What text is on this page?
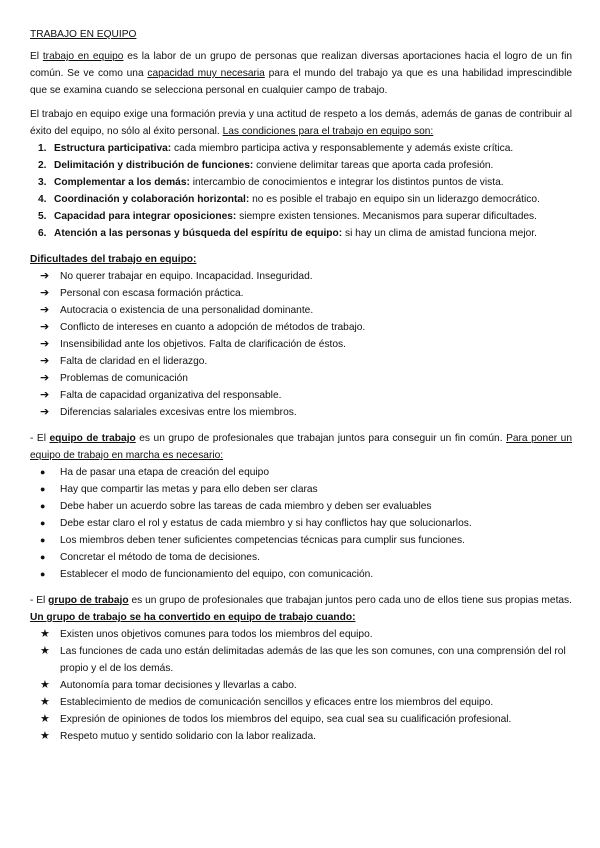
TRABAJO EN EQUIPO

El trabajo en equipo es la labor de un grupo de personas que realizan diversas aportaciones hacia el logro de un fin común. Se ve como una capacidad muy necesaria para el mundo del trabajo ya que es una habilidad imprescindible que se examina cuando se selecciona personal en cualquier campo de trabajo.

El trabajo en equipo exige una formación previa y una actitud de respeto a los demás, además de ganas de contribuir al éxito del equipo, no sólo al éxito personal. Las condiciones para el trabajo en equipo son:

1. Estructura participativa: cada miembro participa activa y responsablemente y además existe crítica.
2. Delimitación y distribución de funciones: conviene delimitar tareas que aporta cada profesión.
3. Complementar a los demás: intercambio de conocimientos e integrar los distintos puntos de vista.
4. Coordinación y colaboración horizontal: no es posible el trabajo en equipo sin un liderazgo democrático.
5. Capacidad para integrar oposiciones: siempre existen tensiones. Mecanismos para superar dificultades.
6. Atención a las personas y búsqueda del espíritu de equipo: si hay un clima de amistad funciona mejor.

Dificultades del trabajo en equipo:

➔ No querer trabajar en equipo. Incapacidad. Inseguridad.
➔ Personal con escasa formación práctica.
➔ Autocracia o existencia de una personalidad dominante.
➔ Conflicto de intereses en cuanto a adopción de métodos de trabajo.
➔ Insensibilidad ante los objetivos. Falta de clarificación de éstos.
➔ Falta de claridad en el liderazgo.
➔ Problemas de comunicación
➔ Falta de capacidad organizativa del responsable.
➔ Diferencias salariales excesivas entre los miembros.

- El equipo de trabajo es un grupo de profesionales que trabajan juntos para conseguir un fin común. Para poner un equipo de trabajo en marcha es necesario:

● Ha de pasar una etapa de creación del equipo
● Hay que compartir las metas y para ello deben ser claras
● Debe haber un acuerdo sobre las tareas de cada miembro y deben ser evaluables
● Debe estar claro el rol y estatus de cada miembro y si hay conflictos hay que solucionarlos.
● Los miembros deben tener suficientes competencias técnicas para cumplir sus funciones.
● Concretar el método de toma de decisiones.
● Establecer el modo de funcionamiento del equipo, con comunicación.

- El grupo de trabajo es un grupo de profesionales que trabajan juntos pero cada uno de ellos tiene sus propias metas. Un grupo de trabajo se ha convertido en equipo de trabajo cuando:

★ Existen unos objetivos comunes para todos los miembros del equipo.
★ Las funciones de cada uno están delimitadas además de las que les son comunes, con una comprensión del rol propio y el de los demás.
★ Autonomía para tomar decisiones y llevarlas a cabo.
★ Establecimiento de medios de comunicación sencillos y eficaces entre los miembros del equipo.
★ Expresión de opiniones de todos los miembros del equipo, sea cual sea su cualificación profesional.
★ Respeto mutuo y sentido solidario con la labor realizada.
